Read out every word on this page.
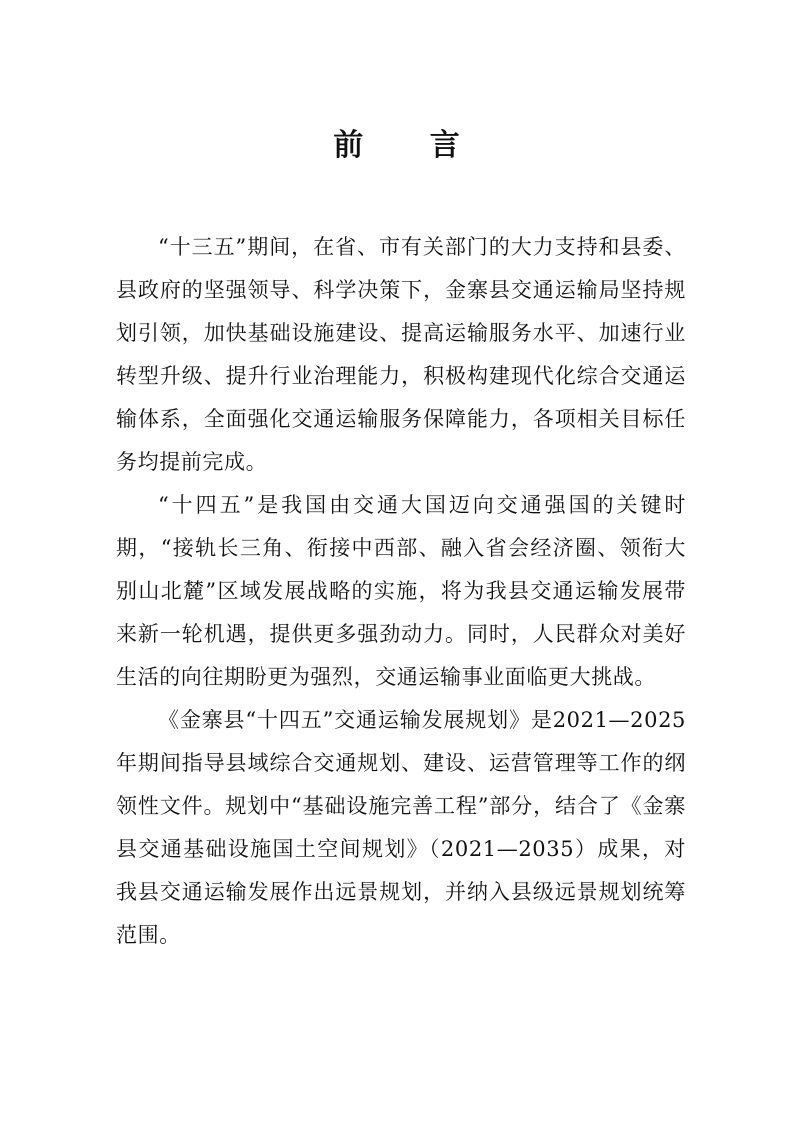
前 言

“十三五”期间，在省、市有关部门的大力支持和县委、县政府的坚强领导、科学决策下，金寨县交通运输局坚持规划引领，加快基础设施建设、提高运输服务水平、加速行业转型升级、提升行业治理能力，积极构建现代化综合交通运输体系，全面强化交通运输服务保障能力，各项相关目标任务均提前完成。

“十四五”是我国由交通大国迈向交通强国的关键时期，“接轨长三角、衔接中西部、融入省会经济圈、领衔大别山北麓”区域发展战略的实施，将为我县交通运输发展带来新一轮机遇，提供更多强劲动力。同时，人民群众对美好生活的向往期盼更为强烈，交通运输事业面临更大挑战。

《金寨县“十四五”交通运输发展规划》是2021—2025年期间指导县域综合交通规划、建设、运营管理等工作的纲领性文件。规划中“基础设施完善工程”部分，结合了《金寨县交通基础设施国土空间规划》（2021—2035）成果，对我县交通运输发展作出远景规划，并纳入县级远景规划统筹范围。
